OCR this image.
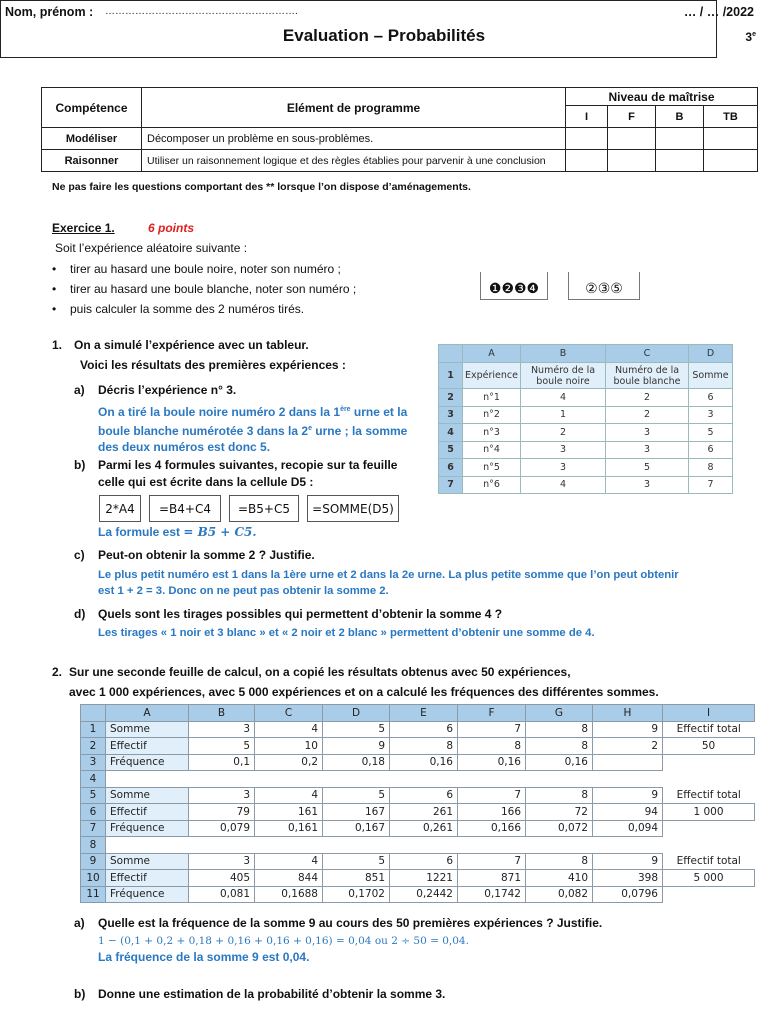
Nom, prénom : ………………………………………………….	… / … /2022
Evaluation – Probabilités	3e
Compétence	Elément de programme	Niveau de maîtrise			
		I	F	B	TB
Modéliser	Décomposer un problème en sous-problèmes.				
Raisonner	Utiliser un raisonnement logique et des règles établies pour parvenir à une conclusion				
Ne pas faire les questions comportant des ** lorsque l’on dispose d’aménagements.
Exercice 1.	6 points
Soit l’expérience aléatoire suivante :
• tirer au hasard une boule noire, noter son numéro ;
• tirer au hasard une boule blanche, noter son numéro ;
• puis calculer la somme des 2 numéros tirés.
❶❷❸❹	②③⑤
1. On a simulé l’expérience avec un tableur.
Voici les résultats des premières expériences :
a) Décris l’expérience n° 3.
On a tiré la boule noire numéro 2 dans la 1ère urne et la
boule blanche numérotée 3 dans la 2e urne ; la somme
des deux numéros est donc 5.
b) Parmi les 4 formules suivantes, recopie sur ta feuille
celle qui est écrite dans la cellule D5 :
2*A4	=B4+C4	=B5+C5	=SOMME(D5)
La formule est = B5 + C5.
c) Peut-on obtenir la somme 2 ? Justifie.
Le plus petit numéro est 1 dans la 1ère urne et 2 dans la 2e urne. La plus petite somme que l’on peut obtenir
est 1 + 2 = 3. Donc on ne peut pas obtenir la somme 2.
d) Quels sont les tirages possibles qui permettent d’obtenir la somme 4 ?
Les tirages « 1 noir et 3 blanc » et « 2 noir et 2 blanc » permettent d’obtenir une somme de 4.
	A	B	C	D
1	Expérience	Numéro de la boule noire	Numéro de la boule blanche	Somme
2	n°1	4	2	6
3	n°2	1	2	3
4	n°3	2	3	5
5	n°4	3	3	6
6	n°5	3	5	8
7	n°6	4	3	7
2. Sur une seconde feuille de calcul, on a copié les résultats obtenus avec 50 expériences,
avec 1 000 expériences, avec 5 000 expériences et on a calculé les fréquences des différentes sommes.
	A	B	C	D	E	F	G	H	I
1	Somme	3	4	5	6	7	8	9	Effectif total
2	Effectif	5	10	9	8	8	8	2	50
3	Fréquence	0,1	0,2	0,18	0,16	0,16	0,16		
4									
5	Somme	3	4	5	6	7	8	9	Effectif total
6	Effectif	79	161	167	261	166	72	94	1 000
7	Fréquence	0,079	0,161	0,167	0,261	0,166	0,072	0,094	
8									
9	Somme	3	4	5	6	7	8	9	Effectif total
10	Effectif	405	844	851	1221	871	410	398	5 000
11	Fréquence	0,081	0,1688	0,1702	0,2442	0,1742	0,082	0,0796	
a) Quelle est la fréquence de la somme 9 au cours des 50 premières expériences ? Justifie.
1 − (0,1 + 0,2 + 0,18 + 0,16 + 0,16 + 0,16) = 0,04 ou 2 ÷ 50 = 0,04.
La fréquence de la somme 9 est 0,04.
b) Donne une estimation de la probabilité d’obtenir la somme 3.
